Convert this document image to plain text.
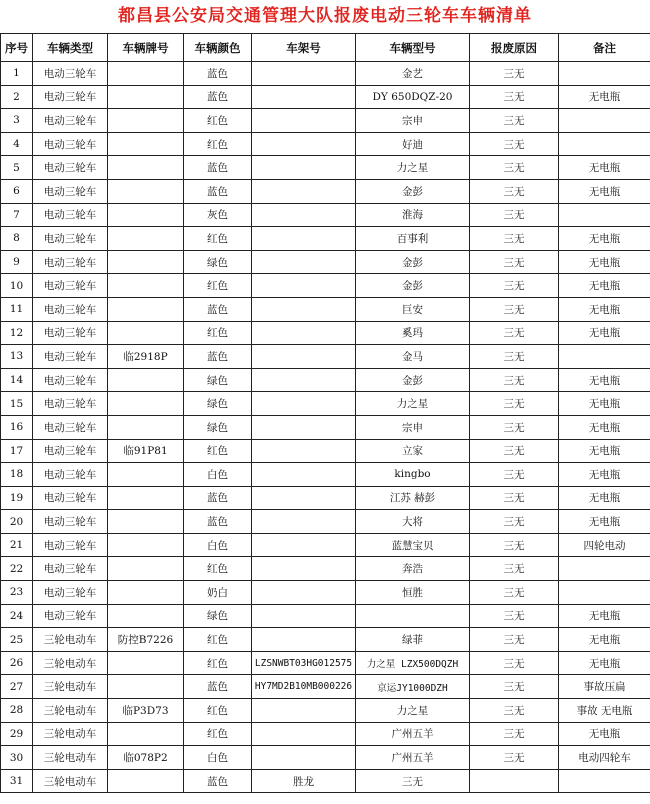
都昌县公安局交通管理大队报废电动三轮车车辆清单
序号	车辆类型	车辆牌号	车辆颜色	车架号	车辆型号	报废原因	备注
1	电动三轮车		蓝色		金艺	三无	
2	电动三轮车		蓝色		DY 650DQZ-20	三无	无电瓶
3	电动三轮车		红色		宗申	三无	
4	电动三轮车		红色		好迪	三无	
5	电动三轮车		蓝色		力之星	三无	无电瓶
6	电动三轮车		蓝色		金彭	三无	无电瓶
7	电动三轮车		灰色		淮海	三无	
8	电动三轮车		红色		百事利	三无	无电瓶
9	电动三轮车		绿色		金彭	三无	无电瓶
10	电动三轮车		红色		金彭	三无	无电瓶
11	电动三轮车		蓝色		巨安	三无	无电瓶
12	电动三轮车		红色		奚玛	三无	无电瓶
13	电动三轮车	临2918P	蓝色		金马	三无	
14	电动三轮车		绿色		金彭	三无	无电瓶
15	电动三轮车		绿色		力之星	三无	无电瓶
16	电动三轮车		绿色		宗申	三无	无电瓶
17	电动三轮车	临91P81	红色		立家	三无	无电瓶
18	电动三轮车		白色		kingbo	三无	无电瓶
19	电动三轮车		蓝色		江苏 赫彭	三无	无电瓶
20	电动三轮车		蓝色		大将	三无	无电瓶
21	电动三轮车		白色		蓝慧宝贝	三无	四轮电动
22	电动三轮车		红色		奔浩	三无	
23	电动三轮车		奶白		恒胜	三无	
24	电动三轮车		绿色			三无	无电瓶
25	三轮电动车	防控B7226	红色		绿菲	三无	无电瓶
26	三轮电动车		红色	LZSNWBT03HG012575	力之星 LZX500DQZH	三无	无电瓶
27	三轮电动车		蓝色	HY7MD2B10MB000226	京运JY1000DZH	三无	事故压扁
28	三轮电动车	临P3D73	红色		力之星	三无	事故 无电瓶
29	三轮电动车		红色		广州五羊	三无	无电瓶
30	三轮电动车	临078P2	白色		广州五羊	三无	电动四轮车
31	三轮电动车		蓝色	胜龙	三无		
